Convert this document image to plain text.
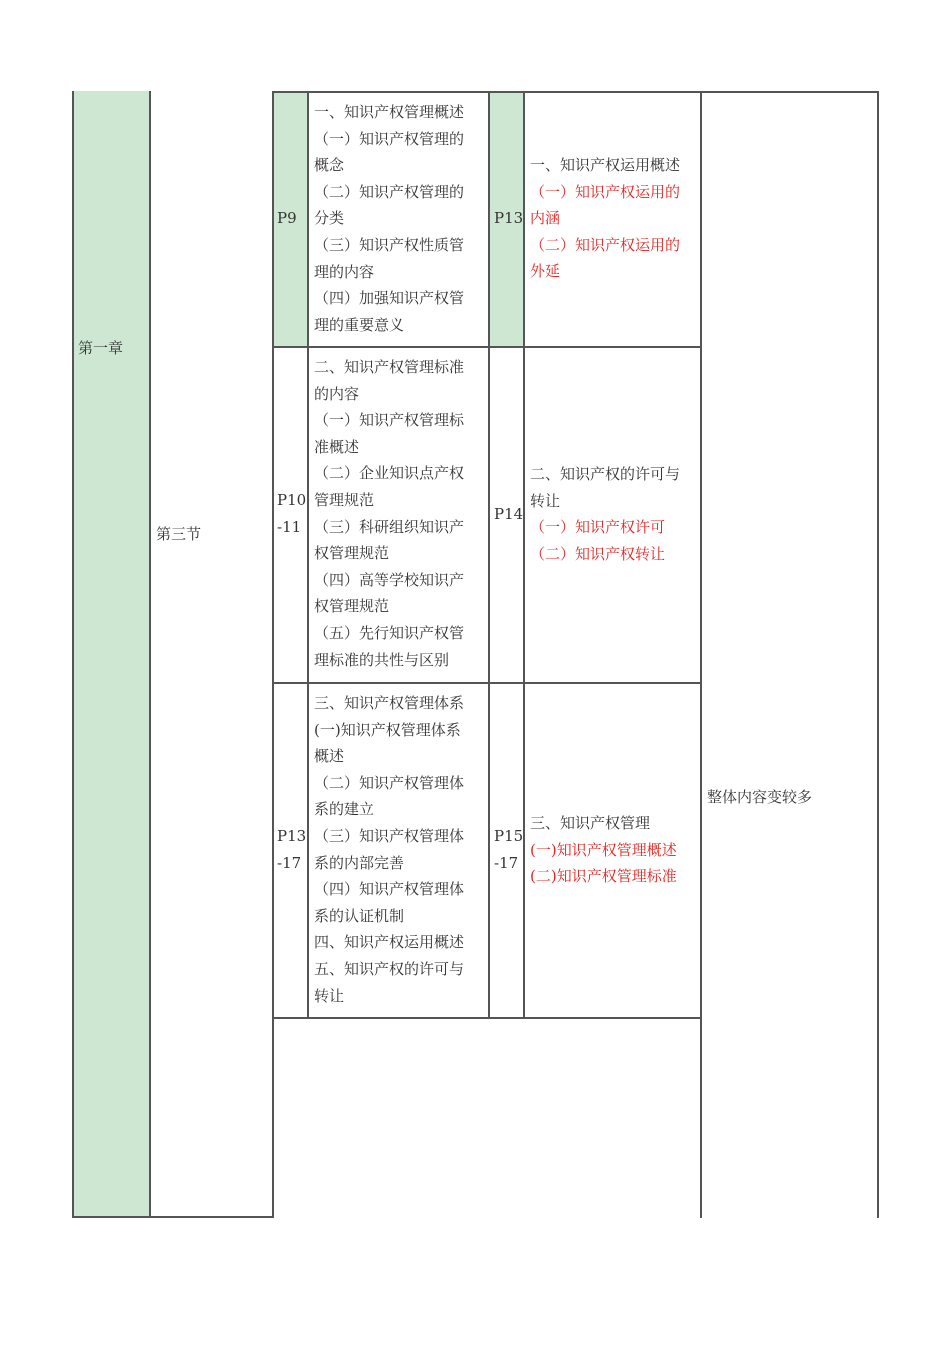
第一章
第三节
整体内容变较多
P9
一、知识产权管理概述
（一）知识产权管理的
概念
（二）知识产权管理的
分类
（三）知识产权性质管
理的内容
（四）加强知识产权管
理的重要意义
P13
一、知识产权运用概述
（一）知识产权运用的
内涵
（二）知识产权运用的
外延
P10
-11
二、知识产权管理标准
的内容
（一）知识产权管理标
准概述
（二）企业知识点产权
管理规范
（三）科研组织知识产
权管理规范
（四）高等学校知识产
权管理规范
（五）先行知识产权管
理标准的共性与区别
P14
二、知识产权的许可与
转让
（一）知识产权许可
（二）知识产权转让
P13
-17
三、知识产权管理体系
(一)知识产权管理体系
概述
（二）知识产权管理体
系的建立
（三）知识产权管理体
系的内部完善
（四）知识产权管理体
系的认证机制
四、知识产权运用概述
五、知识产权的许可与
转让
P15
-17
三、知识产权管理
(一)知识产权管理概述
(二)知识产权管理标准
